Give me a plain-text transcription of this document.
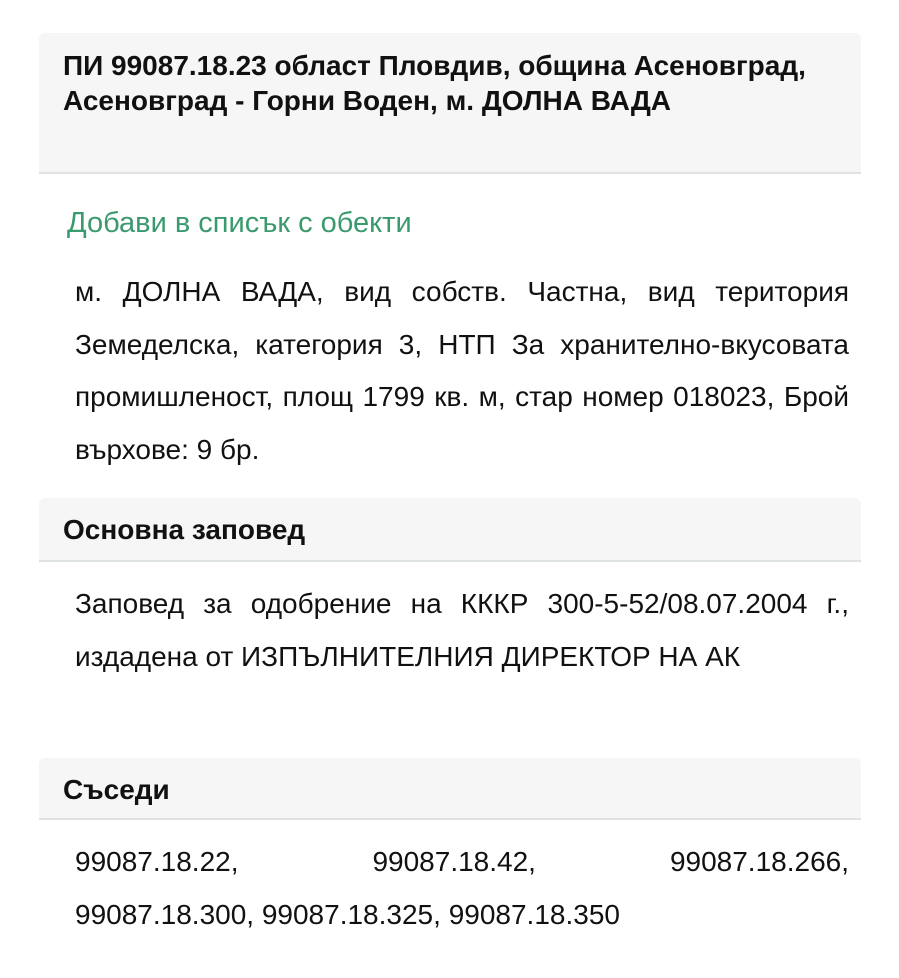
ПИ 99087.18.23 област Пловдив, община Асеновград, Асеновград - Горни Воден, м. ДОЛНА ВАДА
Добави в списък с обекти
м. ДОЛНА ВАДА, вид собств. Частна, вид територия Земеделска, категория 3, НТП За хранително-вкусовата промишленост, площ 1799 кв. м, стар номер 018023, Брой върхове: 9 бр.
Основна заповед
Заповед за одобрение на КККР 300-5-52/08.07.2004 г., издадена от ИЗПЪЛНИТЕЛНИЯ ДИРЕКТОР НА АК
Съседи
99087.18.22,	99087.18.42,	99087.18.266,
99087.18.300,
99087.18.325,
99087.18.350
